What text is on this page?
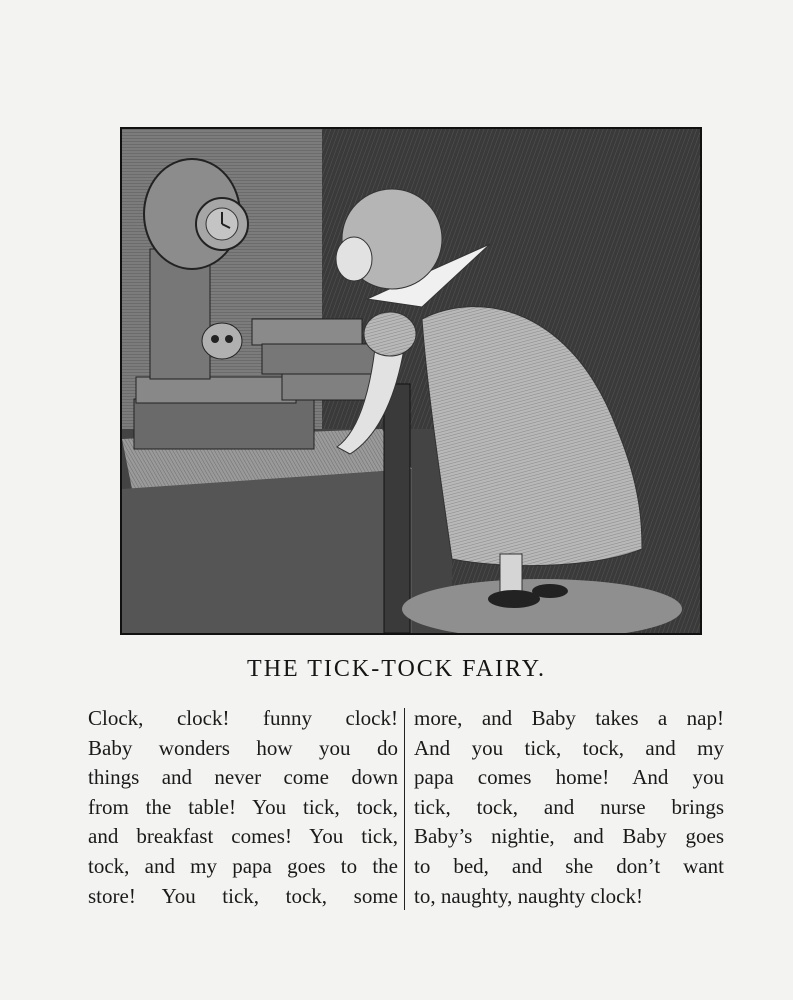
THE TICK-TOCK FAIRY.
Clock, clock! funny clock!
Baby wonders how you do
things and never come down
from the table! You tick, tock,
and breakfast comes! You tick,
tock, and my papa goes to the
store! You tick, tock, some
more, and Baby takes a nap!
And you tick, tock, and my
papa comes home! And you
tick, tock, and nurse brings
Baby’s nightie, and Baby goes
to bed, and she don’t want
to, naughty, naughty clock!
